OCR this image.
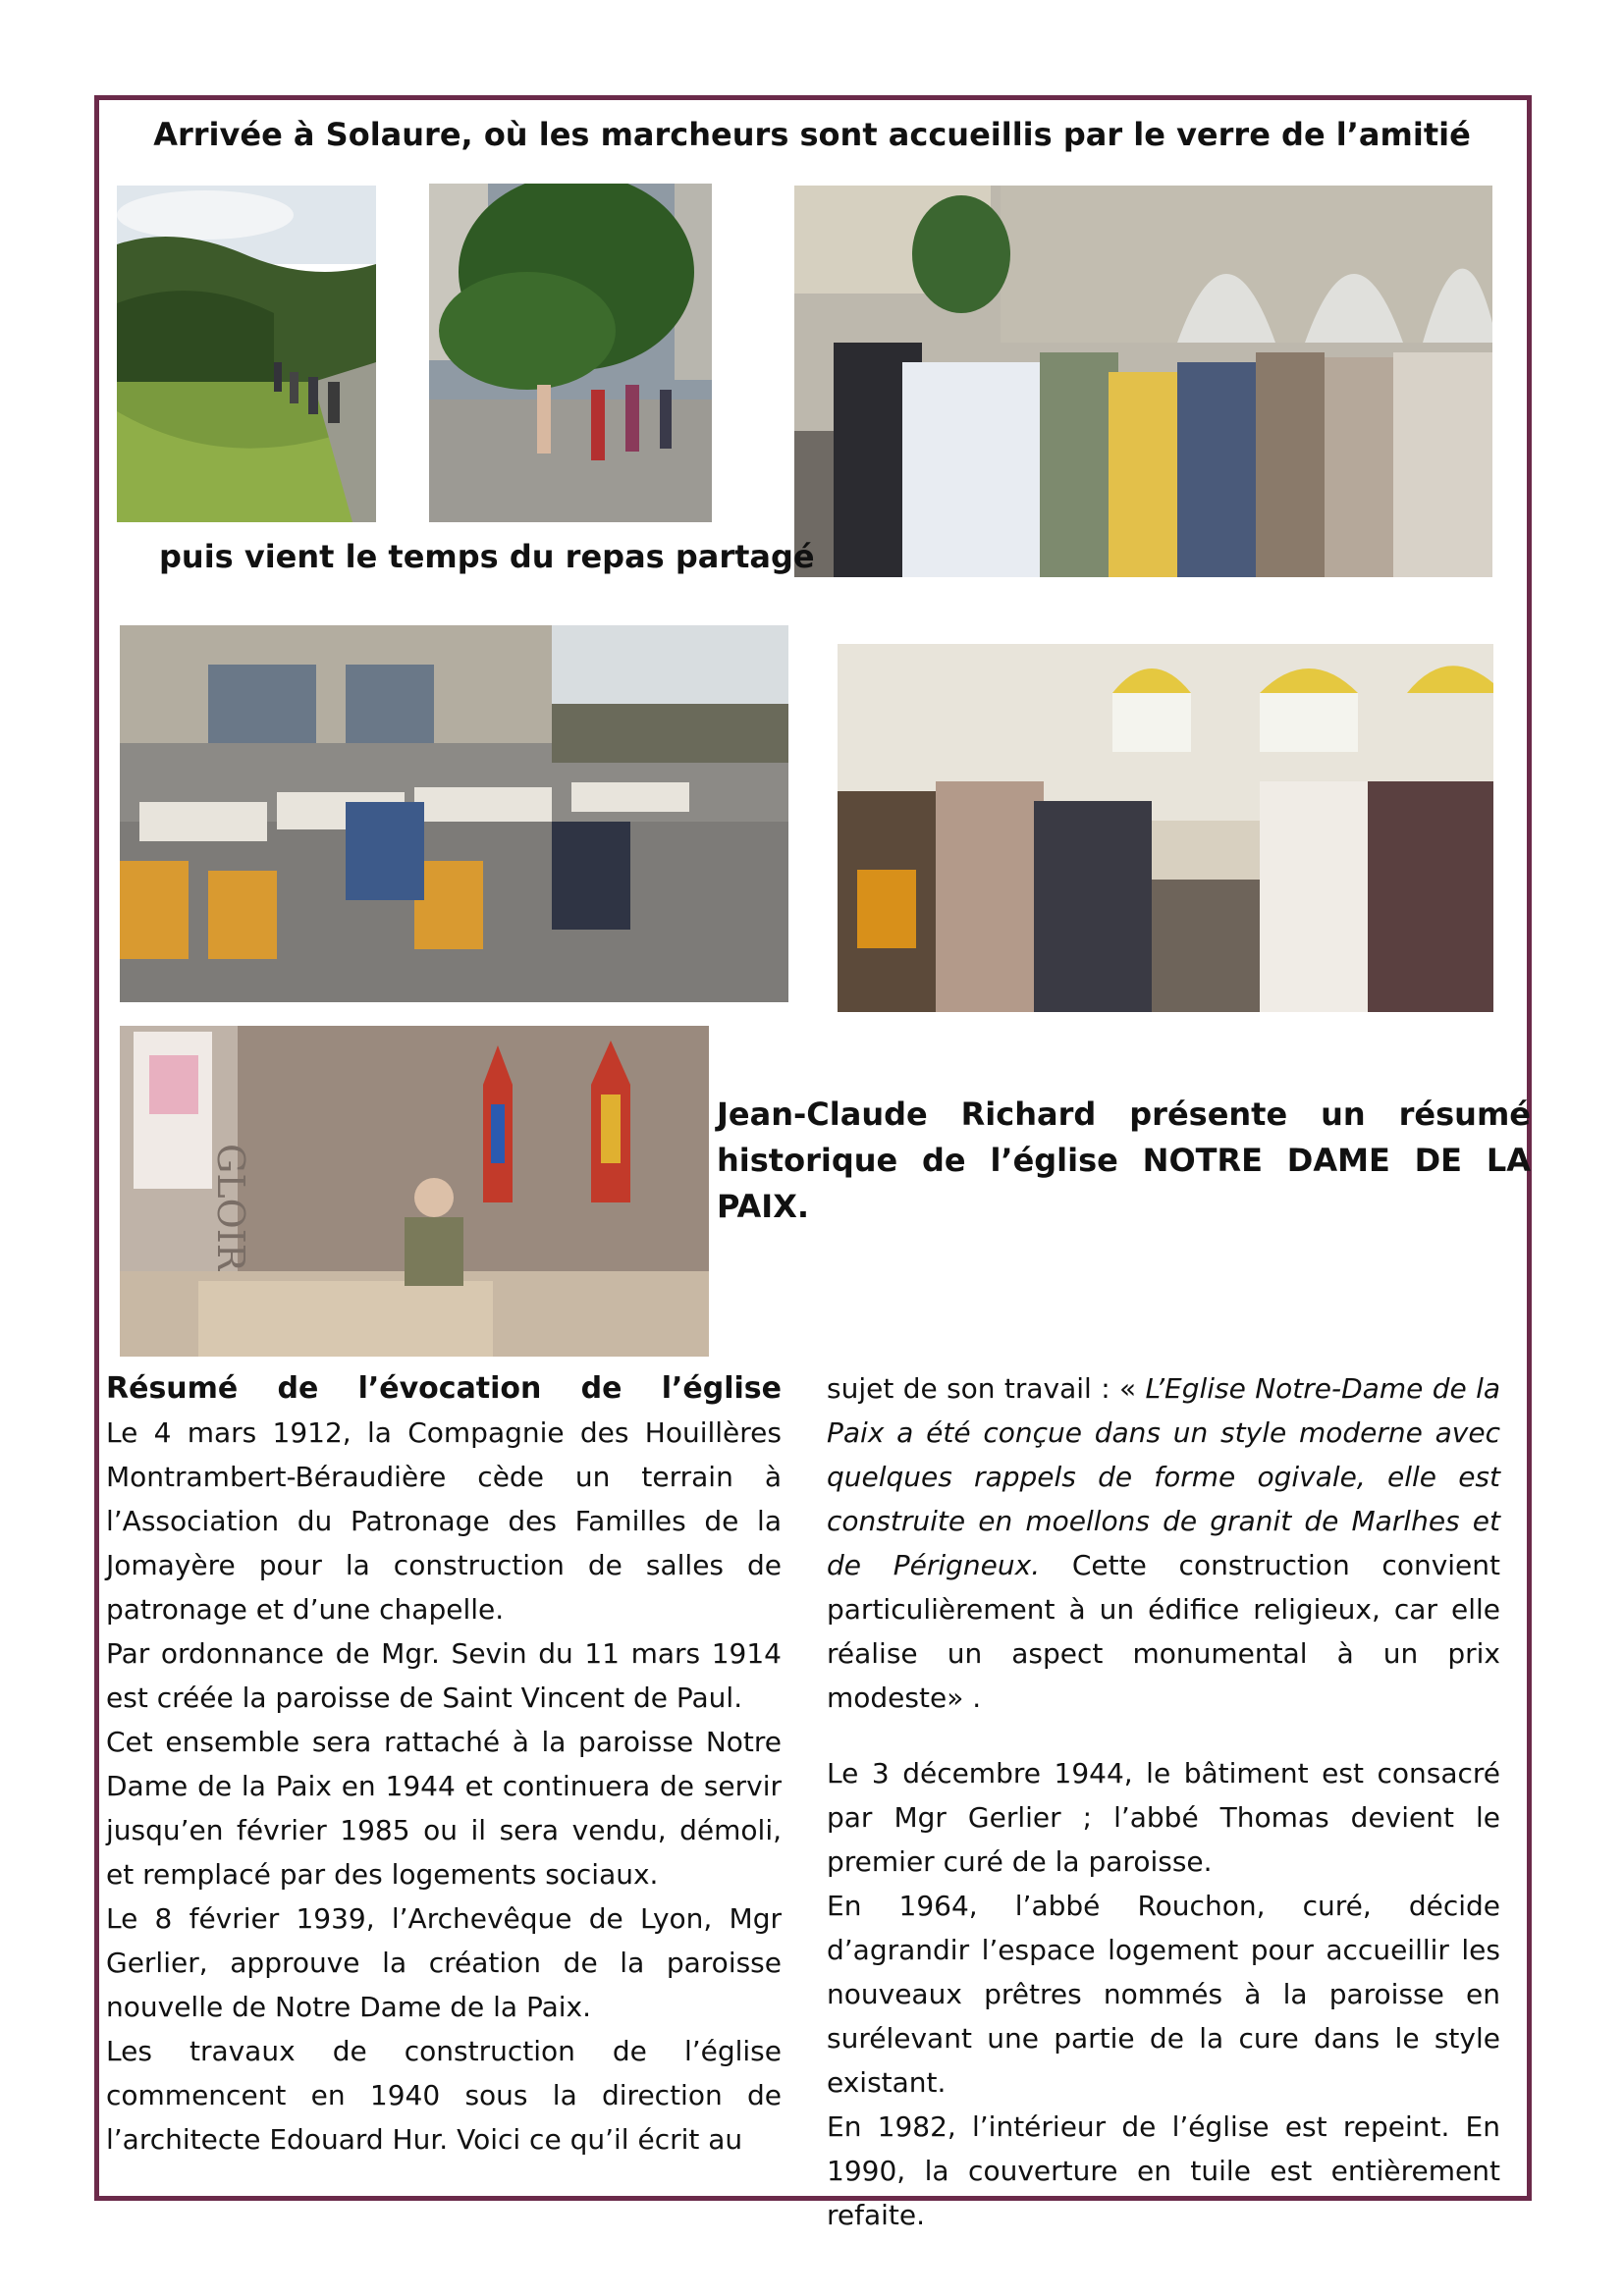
Arrivée à Solaure, où les marcheurs sont accueillis par le verre de l’amitié
puis vient le temps du repas partagé
GLOIR
Jean-Claude Richard présente un résumé historique de l’église NOTRE DAME DE LA PAIX.
Résumé de l’évocation de l’église

Le 4 mars 1912, la Compagnie des Houillères Montrambert-Béraudière cède un terrain à l’Association du Patronage des Familles de la Jomayère pour la construction de salles de patronage et d’une chapelle.

Par ordonnance de Mgr. Sevin du 11 mars 1914 est créée la paroisse de Saint Vincent de Paul.

Cet ensemble sera rattaché à la paroisse Notre Dame de la Paix en 1944 et continuera de servir jusqu’en février 1985 ou il sera vendu, démoli, et remplacé par des logements sociaux.

Le 8 février 1939, l’Archevêque de Lyon, Mgr Gerlier, approuve la création de la paroisse nouvelle de Notre Dame de la Paix.

Les travaux de construction de l’église commencent en 1940 sous la direction de l’architecte Edouard Hur. Voici ce qu’il écrit au

sujet de son travail : « L’Eglise Notre-Dame de la Paix a été conçue dans un style moderne avec quelques rappels de forme ogivale, elle est construite en moellons de granit de Marlhes et de Périgneux. Cette construction convient particulièrement à un édifice religieux, car elle réalise un aspect monumental à un prix modeste» .

Le 3 décembre 1944, le bâtiment est consacré par Mgr Gerlier ; l’abbé Thomas devient le premier curé de la paroisse.

En 1964, l’abbé Rouchon, curé, décide d’agrandir l’espace logement pour accueillir les nouveaux prêtres nommés à la paroisse en surélevant une partie de la cure dans le style existant.

En 1982, l’intérieur de l’église est repeint. En 1990, la couverture en tuile est entièrement refaite.
